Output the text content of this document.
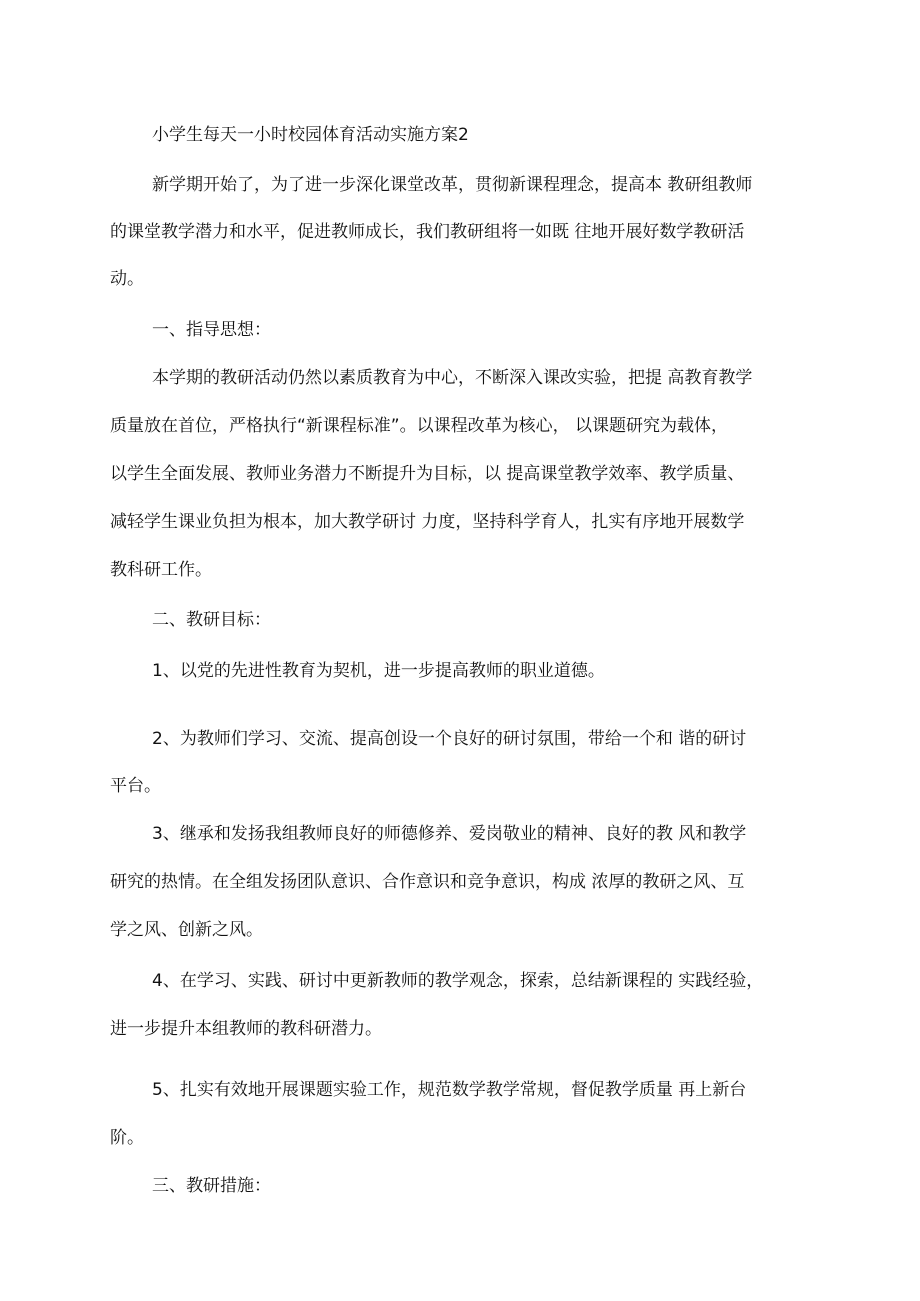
小学生每天一小时校园体育活动实施方案2

新学期开始了，为了进一步深化课堂改革，贯彻新课程理念，提高本 教研组教师

的课堂教学潜力和水平，促进教师成长，我们教研组将一如既 往地开展好数学教研活

动。

一、指导思想：

本学期的教研活动仍然以素质教育为中心，不断深入课改实验，把提 高教育教学

质量放在首位，严格执行“新课程标准”。以课程改革为核心， 以课题研究为载体，

以学生全面发展、教师业务潜力不断提升为目标，以 提高课堂教学效率、教学质量、

减轻学生课业负担为根本，加大教学研讨 力度，坚持科学育人，扎实有序地开展数学

教科研工作。

二、教研目标：

1、以党的先进性教育为契机，进一步提高教师的职业道德。

2、为教师们学习、交流、提高创设一个良好的研讨氛围，带给一个和 谐的研讨

平台。

3、继承和发扬我组教师良好的师德修养、爱岗敬业的精神、良好的教 风和教学

研究的热情。在全组发扬团队意识、合作意识和竞争意识，构成 浓厚的教研之风、互

学之风、创新之风。

4、在学习、实践、研讨中更新教师的教学观念，探索，总结新课程的 实践经验，

进一步提升本组教师的教科研潜力。

5、扎实有效地开展课题实验工作，规范数学教学常规，督促教学质量 再上新台

阶。

三、教研措施：
